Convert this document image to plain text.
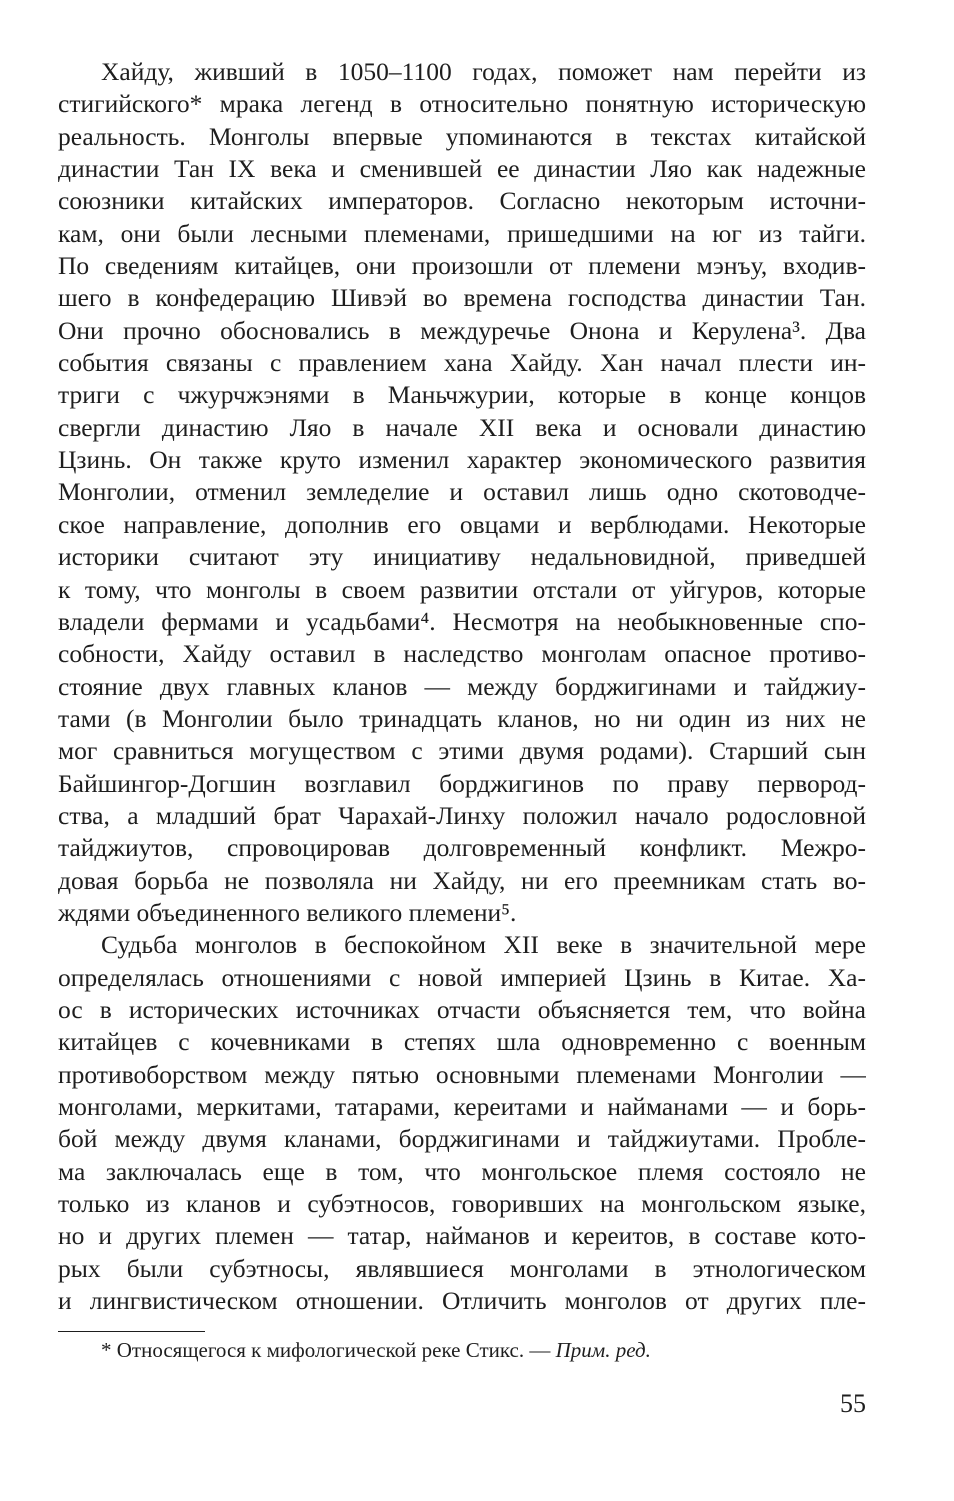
Хайду, живший в 1050–1100 годах, поможет нам перейти из
стигийского* мрака легенд в относительно понятную историческую
реальность. Монголы впервые упоминаются в текстах китайской
династии Тан IX века и сменившей ее династии Ляо как надежные
союзники китайских императоров. Согласно некоторым источни-
кам, они были лесными племенами, пришедшими на юг из тайги.
По сведениям китайцев, они произошли от племени мэнъу, входив-
шего в конфедерацию Шивэй во времена господства династии Тан.
Они прочно обосновались в междуречье Онона и Керулена³. Два
события связаны с правлением хана Хайду. Хан начал плести ин-
триги с чжурчжэнями в Маньчжурии, которые в конце концов
свергли династию Ляо в начале XII века и основали династию
Цзинь. Он также круто изменил характер экономического развития
Монголии, отменил земледелие и оставил лишь одно скотоводче-
ское направление, дополнив его овцами и верблюдами. Некоторые
историки считают эту инициативу недальновидной, приведшей
к тому, что монголы в своем развитии отстали от уйгуров, которые
владели фермами и усадьбами⁴. Несмотря на необыкновенные спо-
собности, Хайду оставил в наследство монголам опасное противо-
стояние двух главных кланов — между борджигинами и тайджиу-
тами (в Монголии было тринадцать кланов, но ни один из них не
мог сравниться могуществом с этими двумя родами). Старший сын
Байшингор-Догшин возглавил борджигинов по праву первород-
ства, а младший брат Чарахай-Линху положил начало родословной
тайджиутов, спровоцировав долговременный конфликт. Межро-
довая борьба не позволяла ни Хайду, ни его преемникам стать во-
ждями объединенного великого племени⁵.
Судьба монголов в беспокойном XII веке в значительной мере
определялась отношениями с новой империей Цзинь в Китае. Ха-
ос в исторических источниках отчасти объясняется тем, что война
китайцев с кочевниками в степях шла одновременно с военным
противоборством между пятью основными племенами Монголии —
монголами, меркитами, татарами, кереитами и найманами — и борь-
бой между двумя кланами, борджигинами и тайджиутами. Пробле-
ма заключалась еще в том, что монгольское племя состояло не
только из кланов и субэтносов, говоривших на монгольском языке,
но и других племен — татар, найманов и кереитов, в составе кото-
рых были субэтносы, являвшиеся монголами в этнологическом
и лингвистическом отношении. Отличить монголов от других пле-
* Относящегося к мифологической реке Стикс. — Прим. ред.
55
